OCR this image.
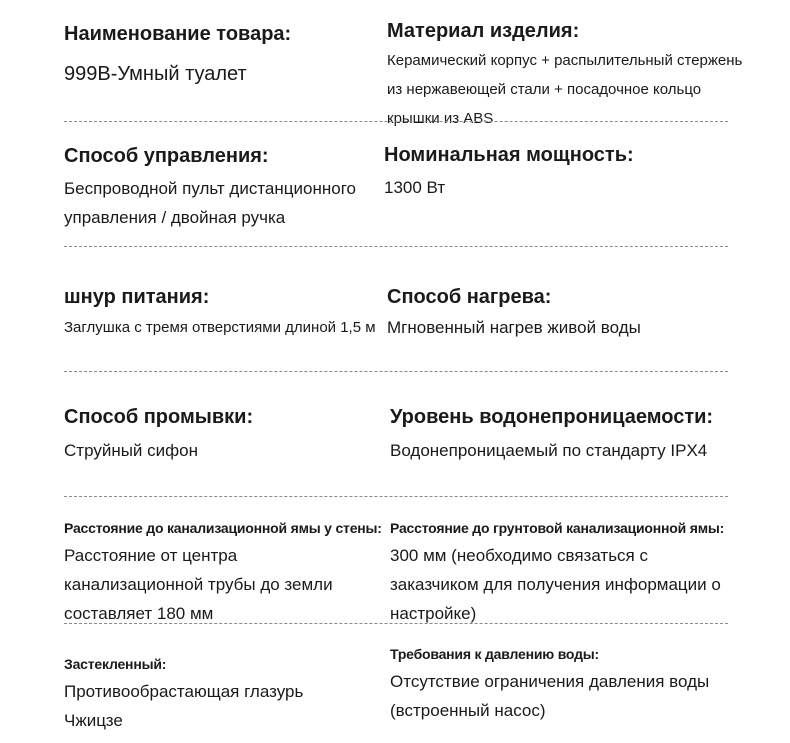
Наименование товара:
999B-Умный туалет
Материал изделия:
Керамический корпус + распылительный стержень из нержавеющей стали + посадочное кольцо крышки из ABS
Способ управления:
Беспроводной пульт дистанционного управления / двойная ручка
Номинальная мощность:
1300 Вт
шнур питания:
Заглушка с тремя отверстиями длиной 1,5 м
Способ нагрева:
Мгновенный нагрев живой воды
Способ промывки:
Струйный сифон
Уровень водонепроницаемости:
Водонепроницаемый по стандарту IPX4
Расстояние до канализационной ямы у стены:
Расстояние от центра канализационной трубы до земли составляет 180 мм
Расстояние до грунтовой канализационной ямы:
300 мм (необходимо связаться с заказчиком для получения информации о настройке)
Застекленный:
Противообрастающая глазурь Чжицзе
Требования к давлению воды:
Отсутствие ограничения давления воды (встроенный насос)
